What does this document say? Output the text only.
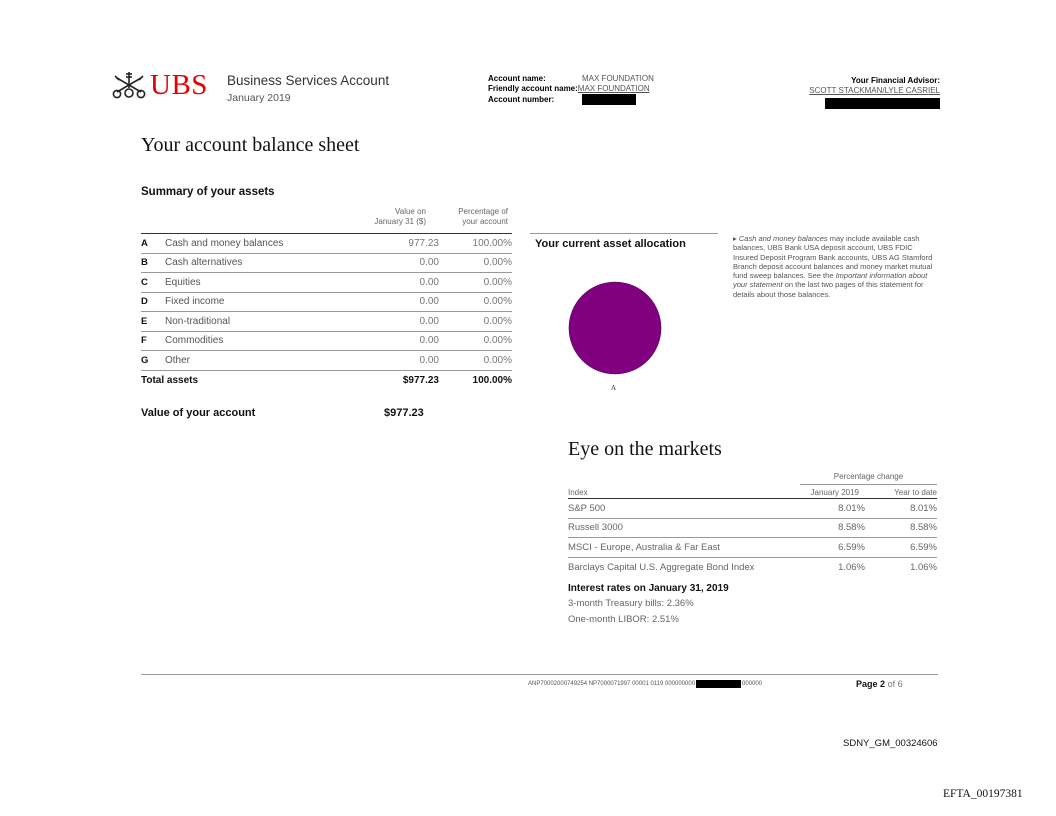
UBS Business Services Account
January 2019
Account name:	MAX FOUNDATION
Friendly account name: MAX FOUNDATION
Account number:
Your Financial Advisor:
SCOTT STACKMAN/LYLE CASRIEL
Your account balance sheet
Summary of your assets
Value on
January 31 ($)
Percentage of
your account
A	Cash and money balances	977.23	100.00%
B	Cash alternatives	0.00	0.00%
C	Equities	0.00	0.00%
D	Fixed income	0.00	0.00%
E	Non-traditional	0.00	0.00%
F	Commodities	0.00	0.00%
G	Other	0.00	0.00%
Total assets	$977.23	100.00%
Value of your account	$977.23
Your current asset allocation
A
▸ Cash and money balances may include available cash balances, UBS Bank USA deposit account, UBS FDIC Insured Deposit Program Bank accounts, UBS AG Stamford Branch deposit account balances and money market mutual fund sweep balances. See the Important information about your statement on the last two pages of this statement for details about those balances.
Eye on the markets
Percentage change
Index	January 2019	Year to date
S&P 500	8.01%	8.01%
Russell 3000	8.58%	8.58%
MSCI - Europe, Australia & Far East	6.59%	6.59%
Barclays Capital U.S. Aggregate Bond Index	1.06%	1.06%
Interest rates on January 31, 2019
3-month Treasury bills: 2.36%
One-month LIBOR: 2.51%
ANP70002000749254 NP7000071997 00001 0119 000000000	000000	Page 2 of 6
SDNY_GM_00324606
EFTA_00197381
